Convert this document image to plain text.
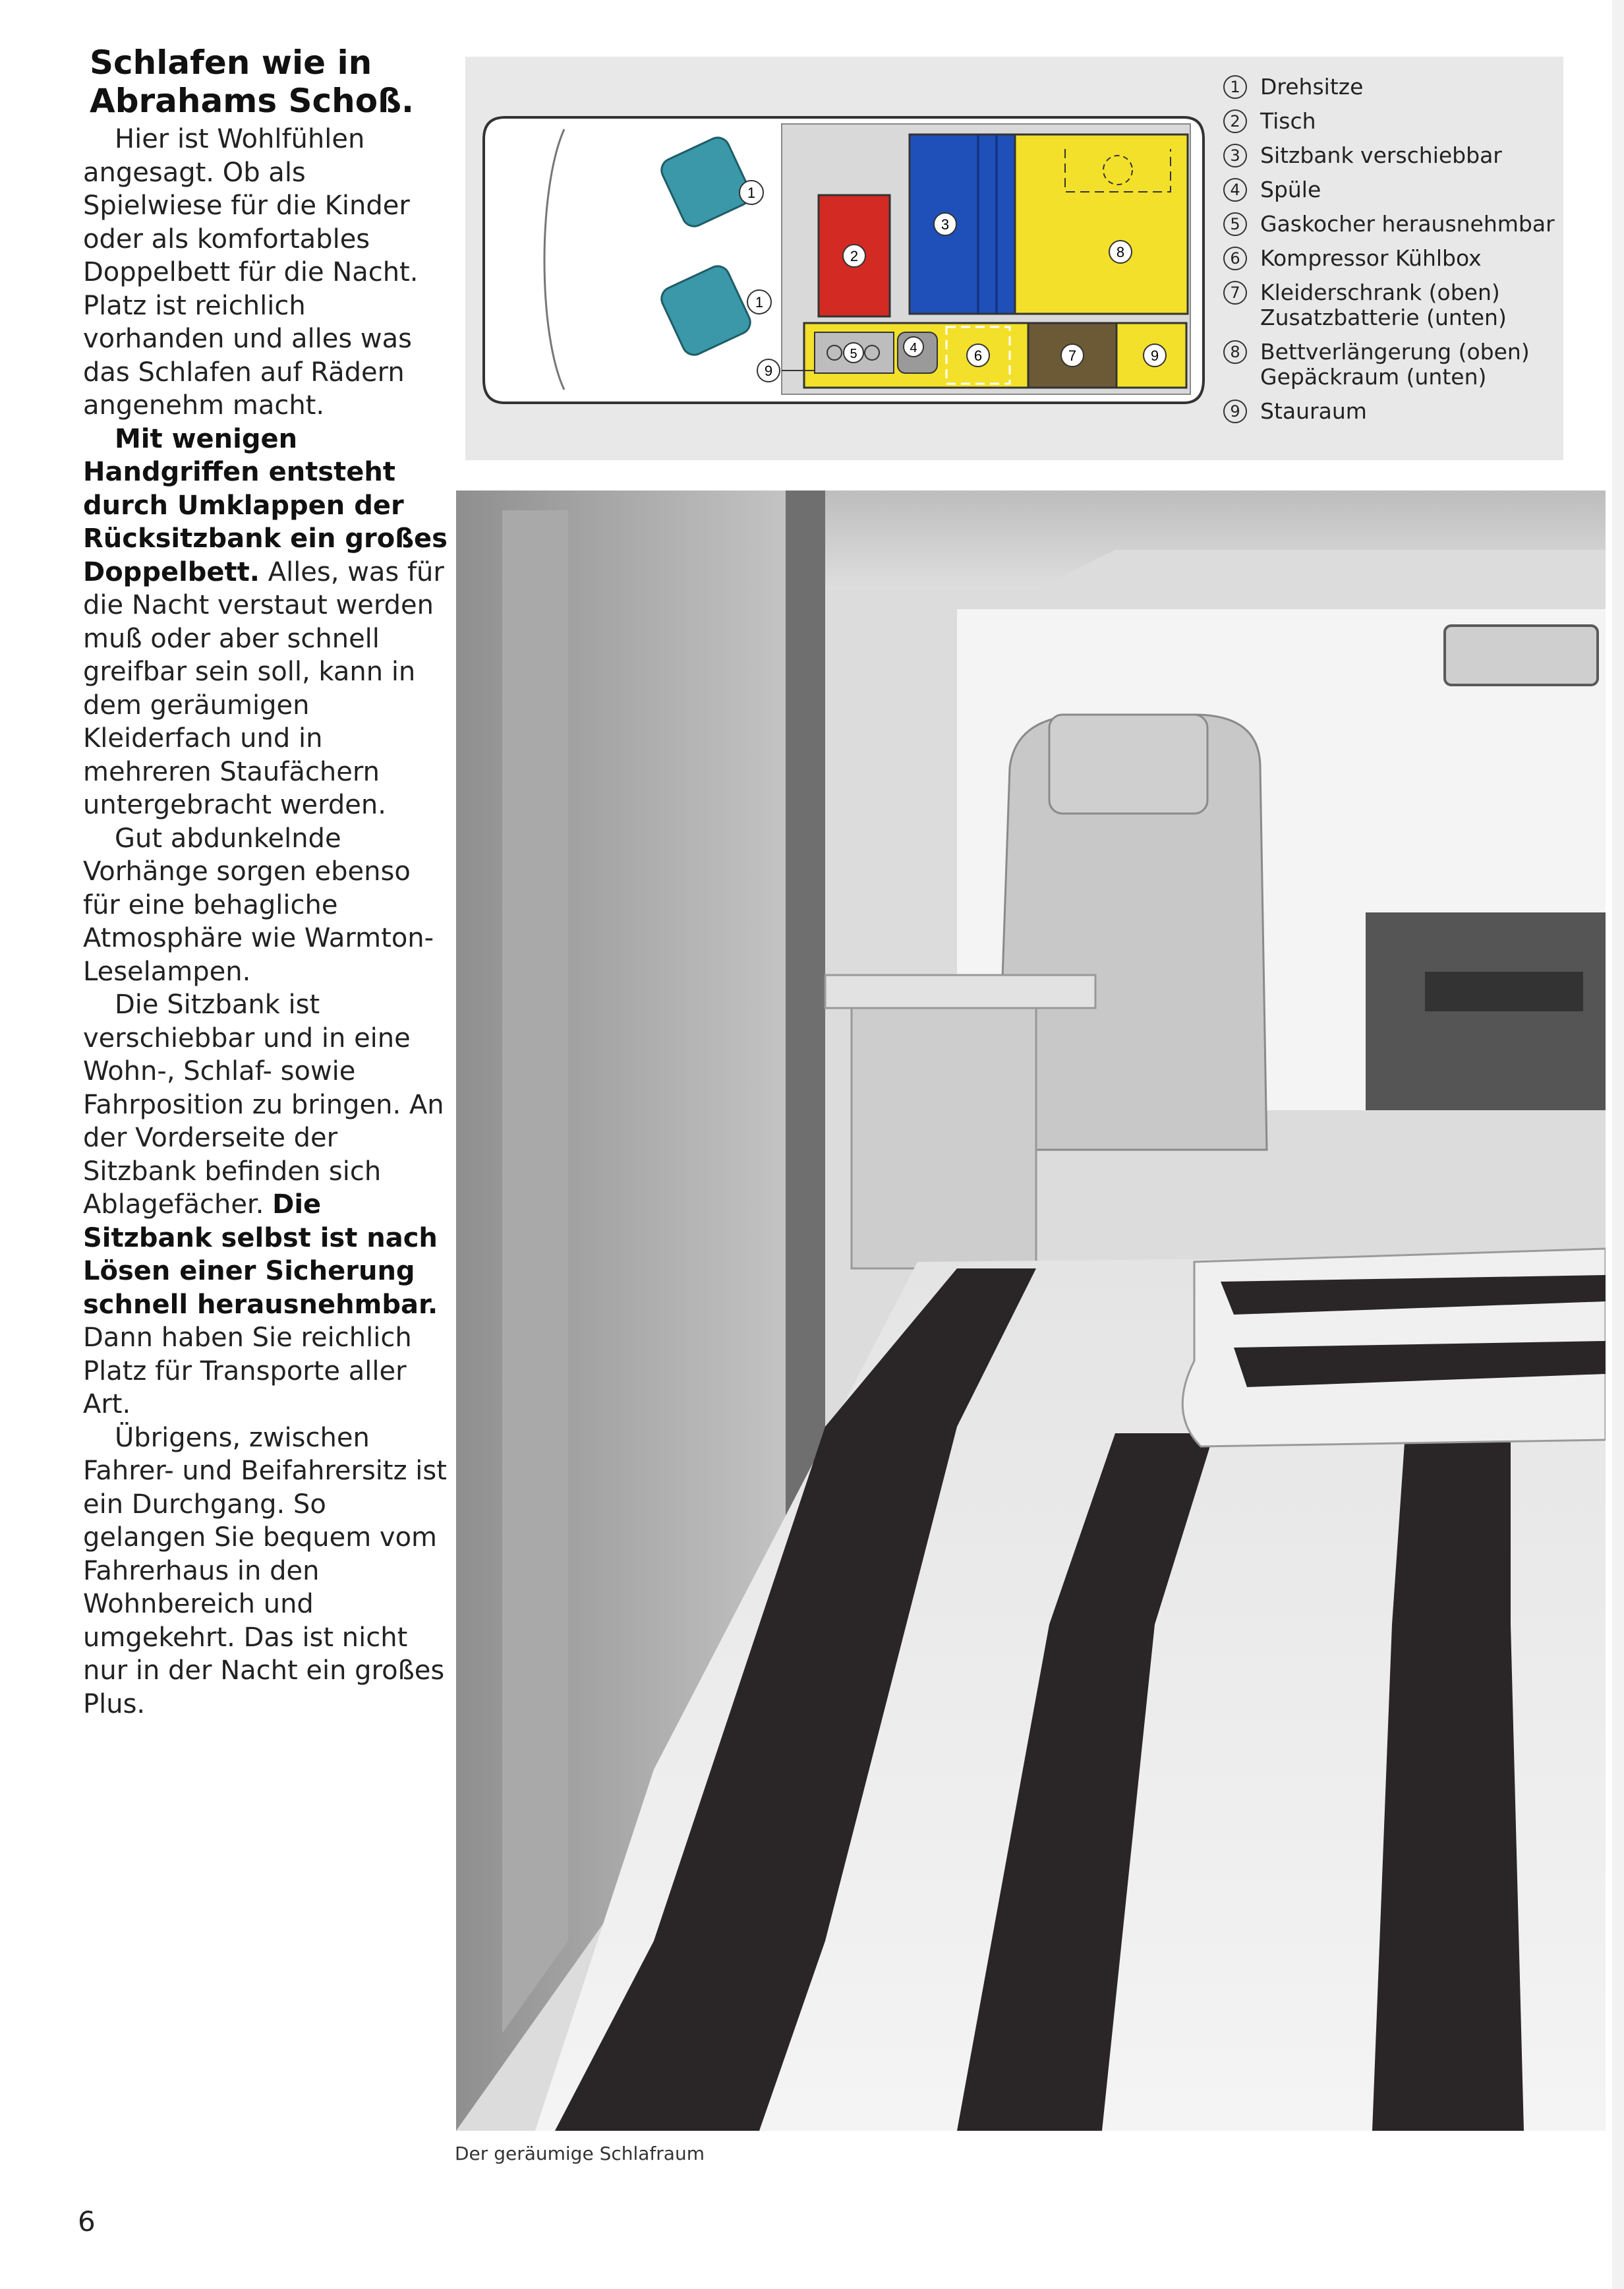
Schlafen wie in Abrahams Schoß.

Hier ist Wohlfühlen angesagt. Ob als Spielwiese für die Kinder oder als komfortables Doppelbett für die Nacht. Platz ist reichlich vorhanden und alles was das Schlafen auf Rädern angenehm macht.

Mit wenigen Handgriffen entsteht durch Umklappen der Rücksitzbank ein großes Doppelbett. Alles, was für die Nacht verstaut werden muß oder aber schnell greifbar sein soll, kann in dem geräumigen Kleiderfach und in mehreren Staufächern untergebracht werden.

Gut abdunkelnde Vorhänge sorgen ebenso für eine behagliche Atmosphäre wie Warmton-Leselampen.

Die Sitzbank ist verschiebbar und in eine Wohn-, Schlaf- sowie Fahrposition zu bringen. An der Vorderseite der Sitzbank befinden sich Ablagefächer. Die Sitzbank selbst ist nach Lösen einer Sicherung schnell herausnehmbar. Dann haben Sie reichlich Platz für Transporte aller Art.

Übrigens, zwischen Fahrer- und Beifahrersitz ist ein Durchgang. So gelangen Sie bequem vom Fahrerhaus in den Wohnbereich und umgekehrt. Das ist nicht nur in der Nacht ein großes Plus.

1
1
2
3
8
5	4	6	7	9
9
1 Drehsitze
2 Tisch
3 Sitzbank verschiebbar
4 Spüle
5 Gaskocher herausnehmbar
6 Kompressor Kühlbox
7 Kleiderschrank (oben)
Zusatzbatterie (unten)
8 Bettverlängerung (oben)
Gepäckraum (unten)
9 Stauraum
Der geräumige Schlafraum
6
